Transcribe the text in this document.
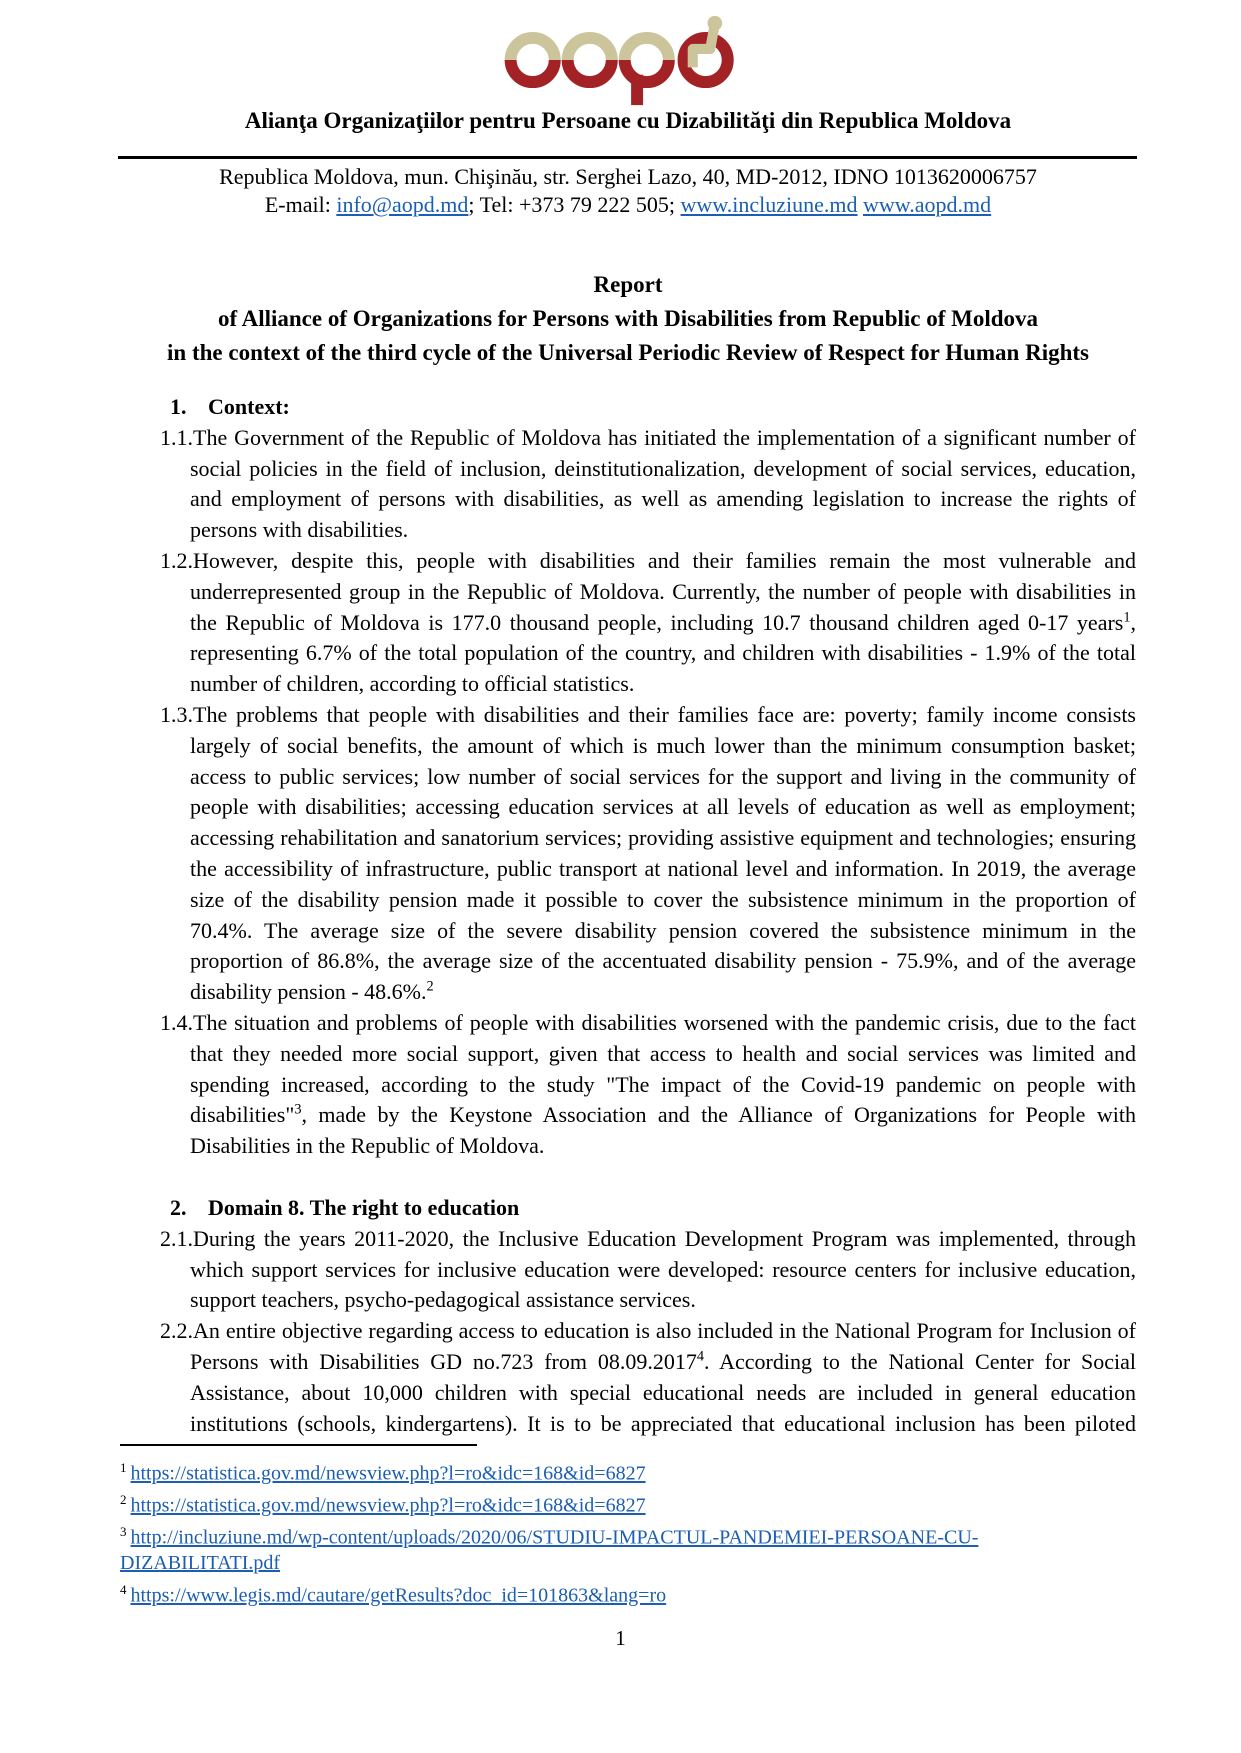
Alianţa Organizaţiilor pentru Persoane cu Dizabilităţi din Republica Moldova
Republica Moldova, mun. Chişinău, str. Serghei Lazo, 40, MD-2012, IDNO 1013620006757
E-mail: info@aopd.md; Tel: +373 79 222 505; www.incluziune.md www.aopd.md
Report
of Alliance of Organizations for Persons with Disabilities from Republic of Moldova
in the context of the third cycle of the Universal Periodic Review of Respect for Human Rights
1. Context:
1.1.The Government of the Republic of Moldova has initiated the implementation of a significant number of social policies in the field of inclusion, deinstitutionalization, development of social services, education, and employment of persons with disabilities, as well as amending legislation to increase the rights of persons with disabilities.
1.2.However, despite this, people with disabilities and their families remain the most vulnerable and underrepresented group in the Republic of Moldova. Currently, the number of people with disabilities in the Republic of Moldova is 177.0 thousand people, including 10.7 thousand children aged 0-17 years$^1$, representing 6.7% of the total population of the country, and children with disabilities - 1.9% of the total number of children, according to official statistics.
1.3.The problems that people with disabilities and their families face are: poverty; family income consists largely of social benefits, the amount of which is much lower than the minimum consumption basket; access to public services; low number of social services for the support and living in the community of people with disabilities; accessing education services at all levels of education as well as employment; accessing rehabilitation and sanatorium services; providing assistive equipment and technologies; ensuring the accessibility of infrastructure, public transport at national level and information. In 2019, the average size of the disability pension made it possible to cover the subsistence minimum in the proportion of 70.4%. The average size of the severe disability pension covered the subsistence minimum in the proportion of 86.8%, the average size of the accentuated disability pension - 75.9%, and of the average disability pension - 48.6%.$^2$
1.4.The situation and problems of people with disabilities worsened with the pandemic crisis, due to the fact that they needed more social support, given that access to health and social services was limited and spending increased, according to the study "The impact of the Covid-19 pandemic on people with disabilities"$^3$, made by the Keystone Association and the Alliance of Organizations for People with Disabilities in the Republic of Moldova.
2. Domain 8. The right to education
2.1.During the years 2011-2020, the Inclusive Education Development Program was implemented, through which support services for inclusive education were developed: resource centers for inclusive education, support teachers, psycho-pedagogical assistance services.
2.2.An entire objective regarding access to education is also included in the National Program for Inclusion of Persons with Disabilities GD no.723 from 08.09.2017$^4$. According to the National Center for Social Assistance, about 10,000 children with special educational needs are included in general education institutions (schools, kindergartens). It is to be appreciated that educational inclusion has been piloted
$^1$ https://statistica.gov.md/newsview.php?l=ro&idc=168&id=6827
$^2$ https://statistica.gov.md/newsview.php?l=ro&idc=168&id=6827
$^3$ http://incluziune.md/wp-content/uploads/2020/06/STUDIU-IMPACTUL-PANDEMIEI-PERSOANE-CU-DIZABILITATI.pdf
$^4$ https://www.legis.md/cautare/getResults?doc_id=101863&lang=ro
1
